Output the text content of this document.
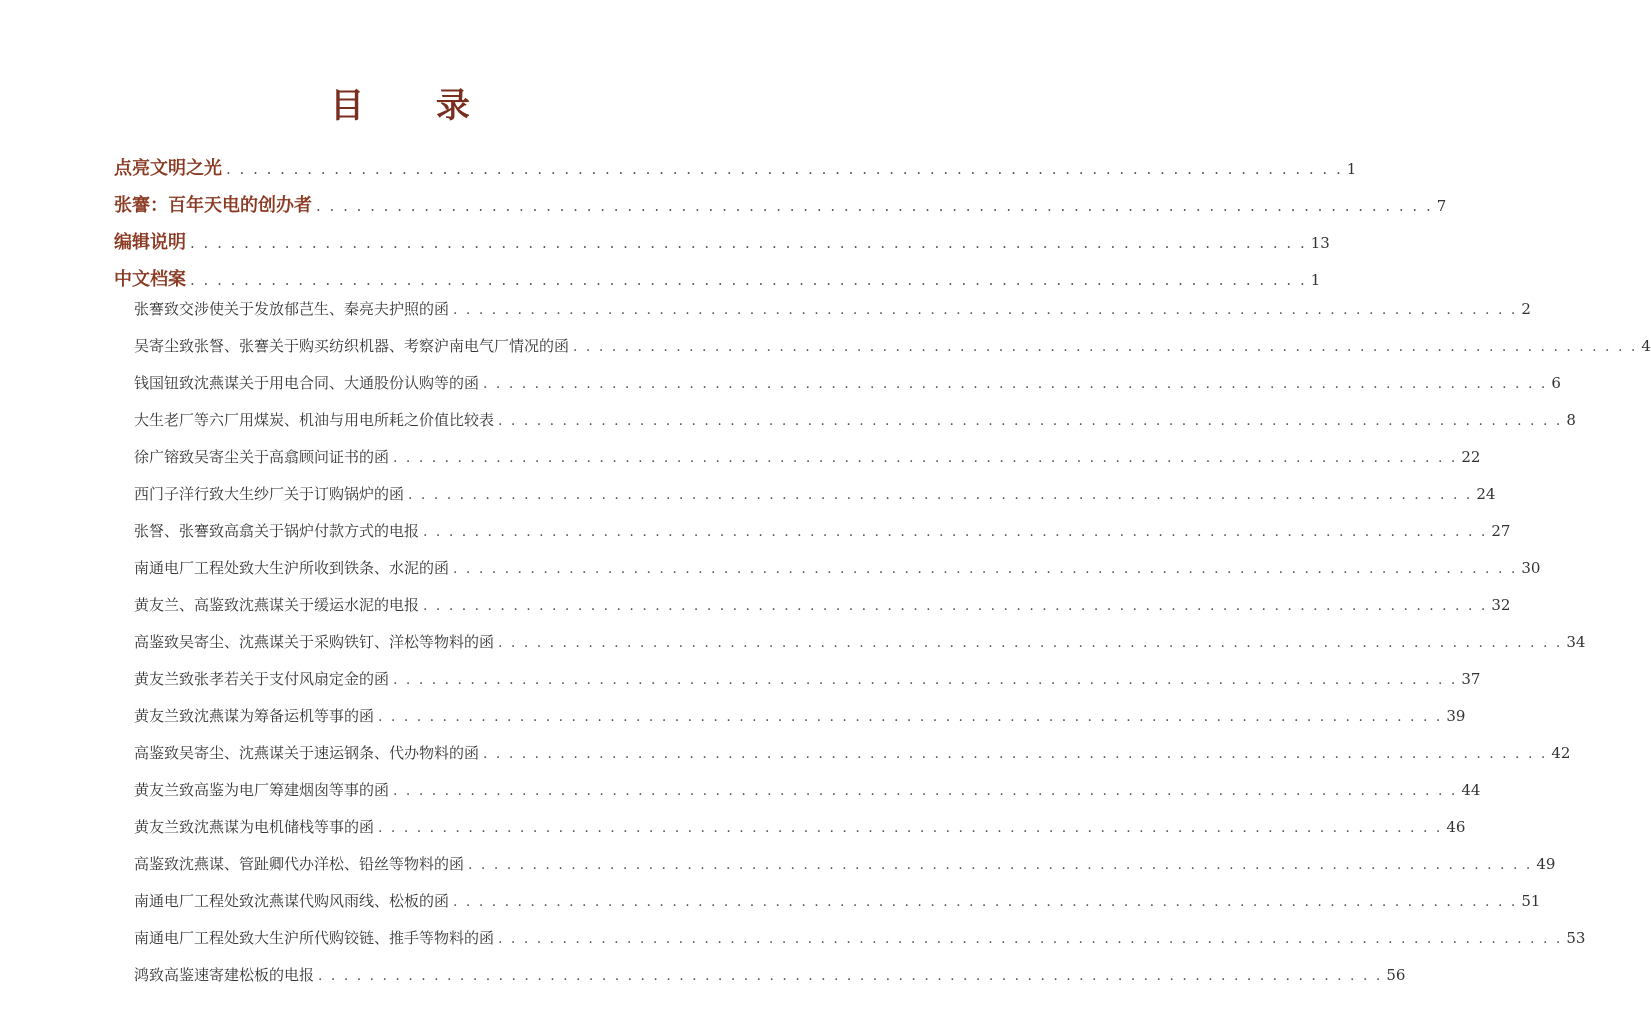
目 录
点亮文明之光 . . . . . . . . . . . . . . . . . . . . . . . . . . . . . . . . . . . . . . . . . . . . . . . . . . . . . . . . . . . . . . . . . . . . . . . . . . . . . . . . . . . 1
张謇：百年天电的创办者 . . . . . . . . . . . . . . . . . . . . . . . . . . . . . . . . . . . . . . . . . . . . . . . . . . . . . . . . . . . . . . . . . . . . . . . . . . . . . . . . . . . 7
编辑说明 . . . . . . . . . . . . . . . . . . . . . . . . . . . . . . . . . . . . . . . . . . . . . . . . . . . . . . . . . . . . . . . . . . . . . . . . . . . . . . . . . . . 13
中文档案 . . . . . . . . . . . . . . . . . . . . . . . . . . . . . . . . . . . . . . . . . . . . . . . . . . . . . . . . . . . . . . . . . . . . . . . . . . . . . . . . . . . 1
张謇致交涉使关于发放郁芑生、秦亮夫护照的函 . . . . . . . . . . . . . . . . . . . . . . . . . . . . . . . . . . . . . . . . . . . . . . . . . . . . . . . . . . . . . . . . . . . . . . . . . . . . . . . . . . . 2
吴寄尘致张詧、张謇关于购买纺织机器、考察沪南电气厂情况的函 . . . . . . . . . . . . . . . . . . . . . . . . . . . . . . . . . . . . . . . . . . . . . . . . . . . . . . . . . . . . . . . . . . . . . . . . . . . . . . . . . . . 4
钱国钮致沈燕谋关于用电合同、大通股份认购等的函 . . . . . . . . . . . . . . . . . . . . . . . . . . . . . . . . . . . . . . . . . . . . . . . . . . . . . . . . . . . . . . . . . . . . . . . . . . . . . . . . . . . 6
大生老厂等六厂用煤炭、机油与用电所耗之价值比较表 . . . . . . . . . . . . . . . . . . . . . . . . . . . . . . . . . . . . . . . . . . . . . . . . . . . . . . . . . . . . . . . . . . . . . . . . . . . . . . . . . . . 8
徐广镕致吴寄尘关于高翕顾问证书的函 . . . . . . . . . . . . . . . . . . . . . . . . . . . . . . . . . . . . . . . . . . . . . . . . . . . . . . . . . . . . . . . . . . . . . . . . . . . . . . . . . . . 22
西门子洋行致大生纱厂关于订购锅炉的函 . . . . . . . . . . . . . . . . . . . . . . . . . . . . . . . . . . . . . . . . . . . . . . . . . . . . . . . . . . . . . . . . . . . . . . . . . . . . . . . . . . . 24
张詧、张謇致高翕关于锅炉付款方式的电报 . . . . . . . . . . . . . . . . . . . . . . . . . . . . . . . . . . . . . . . . . . . . . . . . . . . . . . . . . . . . . . . . . . . . . . . . . . . . . . . . . . . 27
南通电厂工程处致大生沪所收到铁条、水泥的函 . . . . . . . . . . . . . . . . . . . . . . . . . . . . . . . . . . . . . . . . . . . . . . . . . . . . . . . . . . . . . . . . . . . . . . . . . . . . . . . . . . . 30
黄友兰、高鉴致沈燕谋关于缓运水泥的电报 . . . . . . . . . . . . . . . . . . . . . . . . . . . . . . . . . . . . . . . . . . . . . . . . . . . . . . . . . . . . . . . . . . . . . . . . . . . . . . . . . . . 32
高鉴致吴寄尘、沈燕谋关于采购铁钉、洋松等物料的函 . . . . . . . . . . . . . . . . . . . . . . . . . . . . . . . . . . . . . . . . . . . . . . . . . . . . . . . . . . . . . . . . . . . . . . . . . . . . . . . . . . . 34
黄友兰致张孝若关于支付风扇定金的函 . . . . . . . . . . . . . . . . . . . . . . . . . . . . . . . . . . . . . . . . . . . . . . . . . . . . . . . . . . . . . . . . . . . . . . . . . . . . . . . . . . . 37
黄友兰致沈燕谋为筹备运机等事的函 . . . . . . . . . . . . . . . . . . . . . . . . . . . . . . . . . . . . . . . . . . . . . . . . . . . . . . . . . . . . . . . . . . . . . . . . . . . . . . . . . . . 39
高鉴致吴寄尘、沈燕谋关于速运钢条、代办物料的函 . . . . . . . . . . . . . . . . . . . . . . . . . . . . . . . . . . . . . . . . . . . . . . . . . . . . . . . . . . . . . . . . . . . . . . . . . . . . . . . . . . . 42
黄友兰致高鉴为电厂筹建烟囱等事的函 . . . . . . . . . . . . . . . . . . . . . . . . . . . . . . . . . . . . . . . . . . . . . . . . . . . . . . . . . . . . . . . . . . . . . . . . . . . . . . . . . . . 44
黄友兰致沈燕谋为电机储栈等事的函 . . . . . . . . . . . . . . . . . . . . . . . . . . . . . . . . . . . . . . . . . . . . . . . . . . . . . . . . . . . . . . . . . . . . . . . . . . . . . . . . . . . 46
高鉴致沈燕谋、管趾卿代办洋松、铅丝等物料的函 . . . . . . . . . . . . . . . . . . . . . . . . . . . . . . . . . . . . . . . . . . . . . . . . . . . . . . . . . . . . . . . . . . . . . . . . . . . . . . . . . . . 49
南通电厂工程处致沈燕谋代购风雨线、松板的函 . . . . . . . . . . . . . . . . . . . . . . . . . . . . . . . . . . . . . . . . . . . . . . . . . . . . . . . . . . . . . . . . . . . . . . . . . . . . . . . . . . . 51
南通电厂工程处致大生沪所代购铰链、推手等物料的函 . . . . . . . . . . . . . . . . . . . . . . . . . . . . . . . . . . . . . . . . . . . . . . . . . . . . . . . . . . . . . . . . . . . . . . . . . . . . . . . . . . . 53
鸿致高鉴速寄建松板的电报 . . . . . . . . . . . . . . . . . . . . . . . . . . . . . . . . . . . . . . . . . . . . . . . . . . . . . . . . . . . . . . . . . . . . . . . . . . . . . . . . . . . 56
